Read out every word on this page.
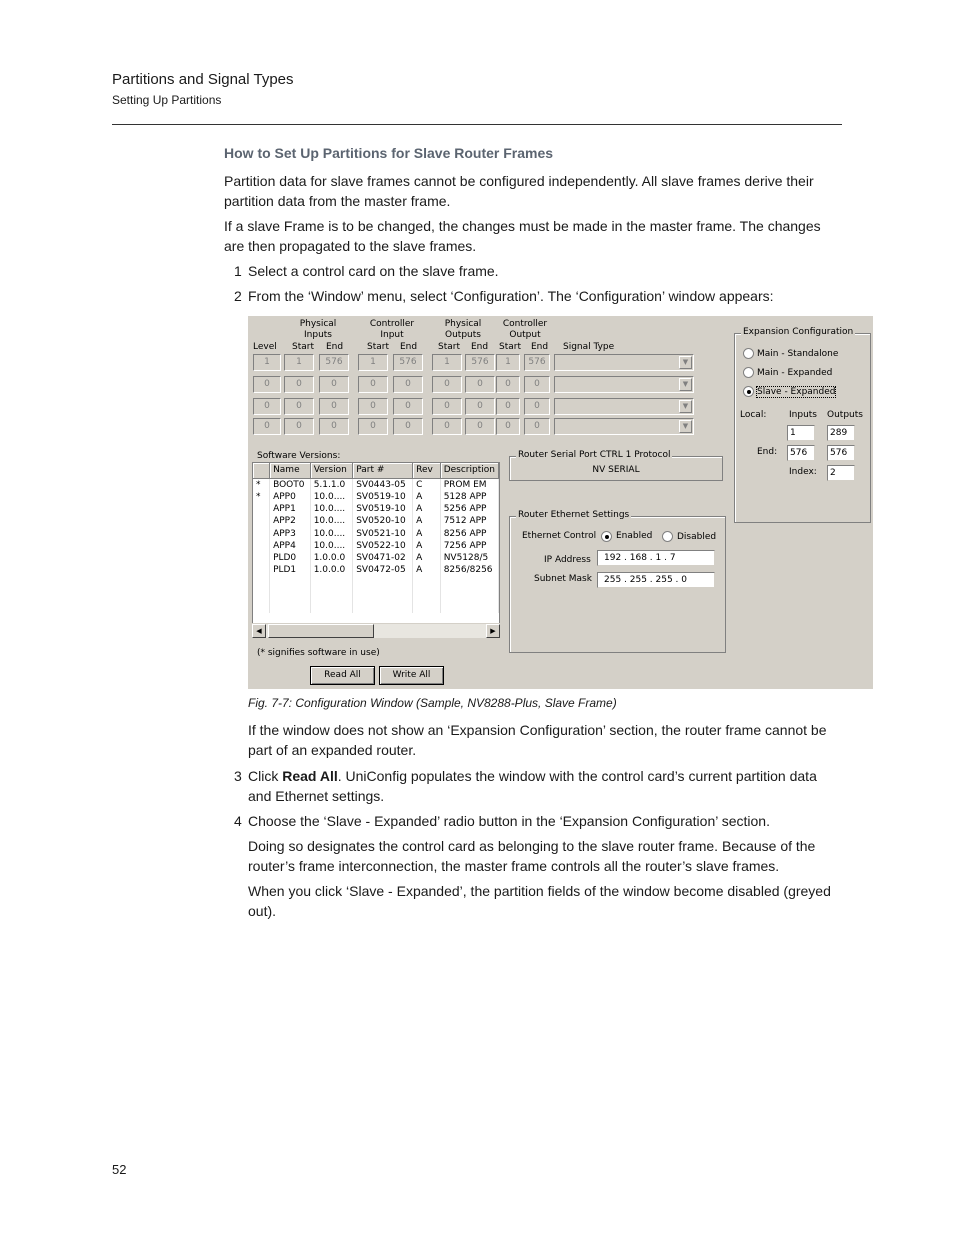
Partitions and Signal Types
Setting Up Partitions
How to Set Up Partitions for Slave Router Frames
Partition data for slave frames cannot be configured independently. All slave frames derive their partition data from the master frame.
If a slave Frame is to be changed, the changes must be made in the master frame. The changes are then propagated to the slave frames.
1 Select a control card on the slave frame.
2 From the ‘Window’ menu, select ‘Configuration’. The ‘Configuration’ window appears:
Physical
Inputs
Controller
Input
Physical
Outputs
Controller
Output
Level Start End	Start End Start End Start End Signal Type
1	1	576	1	576	1	576	1	576	▼
0	0	0	0	0	0	0	0	0	▼
0	0	0	0	0	0	0	0	0	▼
0	0	0	0	0	0	0	0	0	▼
Software Versions:
	Name	Version	Part #	Rev	Description
*	BOOT0	5.1.1.0	SV0443-05	C	PROM EM
*	APP0	10.0....	SV0519-10	A	5128 APP
	APP1	10.0....	SV0519-10	A	5256 APP
	APP2	10.0....	SV0520-10	A	7512 APP
	APP3	10.0....	SV0521-10	A	8256 APP
	APP4	10.0....	SV0522-10	A	7256 APP
	PLD0	1.0.0.0	SV0471-02	A	NV5128/5
	PLD1	1.0.0.0	SV0472-05	A	8256/8256

◀	▶
(* signifies software in use)
Read All	Write All
Router Serial Port CTRL 1 Protocol
NV SERIAL
Router Ethernet Settings
Ethernet Control Enabled	Disabled
IP Address	192 . 168 . 1 . 7
Subnet Mask	255 . 255 . 255 . 0
Expansion Configuration
Main - Standalone
Main - Expanded
Slave - Expanded
Local:	Inputs Outputs
1	289
End:	576	576
Index:	2
Fig. 7-7: Configuration Window (Sample, NV8288-Plus, Slave Frame)
If the window does not show an ‘Expansion Configuration’ section, the router frame cannot be part of an expanded router.
3 Click Read All. UniConfig populates the window with the control card’s current partition data and Ethernet settings.
4 Choose the ‘Slave - Expanded’ radio button in the ‘Expansion Configuration’ section.
Doing so designates the control card as belonging to the slave router frame. Because of the router’s frame interconnection, the master frame controls all the router’s slave frames.
When you click ‘Slave - Expanded’, the partition fields of the window become disabled (greyed out).
52
